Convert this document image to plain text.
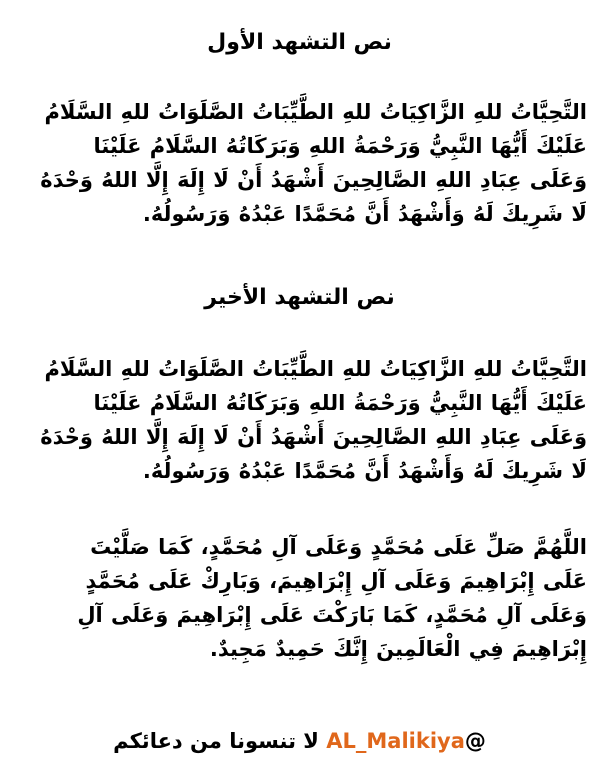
نص التشهد الأول
التَّحِيَّاتُ للهِ الزَّاكِيَاتُ للهِ الطَّيِّبَاتُ الصَّلَوَاتُ للهِ السَّلَامُ
عَلَيْكَ أَيُّهَا النَّبِيُّ وَرَحْمَةُ اللهِ وَبَرَكَاتُهُ السَّلَامُ عَلَيْنَا
وَعَلَى عِبَادِ اللهِ الصَّالِحِينَ أَشْهَدُ أَنْ لَا إِلَهَ إِلَّا اللهُ وَحْدَهُ
لَا شَرِيكَ لَهُ وَأَشْهَدُ أَنَّ مُحَمَّدًا عَبْدُهُ وَرَسُولُهُ.
نص التشهد الأخير
التَّحِيَّاتُ للهِ الزَّاكِيَاتُ للهِ الطَّيِّبَاتُ الصَّلَوَاتُ للهِ السَّلَامُ
عَلَيْكَ أَيُّهَا النَّبِيُّ وَرَحْمَةُ اللهِ وَبَرَكَاتُهُ السَّلَامُ عَلَيْنَا
وَعَلَى عِبَادِ اللهِ الصَّالِحِينَ أَشْهَدُ أَنْ لَا إِلَهَ إِلَّا اللهُ وَحْدَهُ
لَا شَرِيكَ لَهُ وَأَشْهَدُ أَنَّ مُحَمَّدًا عَبْدُهُ وَرَسُولُهُ.
اللَّهُمَّ صَلِّ عَلَى مُحَمَّدٍ وَعَلَى آلِ مُحَمَّدٍ، كَمَا صَلَّيْتَ
عَلَى إِبْرَاهِيمَ وَعَلَى آلِ إِبْرَاهِيمَ، وَبَارِكْ عَلَى مُحَمَّدٍ
وَعَلَى آلِ مُحَمَّدٍ، كَمَا بَارَكْتَ عَلَى إِبْرَاهِيمَ وَعَلَى آلِ
إِبْرَاهِيمَ فِي الْعَالَمِينَ إِنَّكَ حَمِيدٌ مَجِيدٌ.
لا تنسونا من دعائكم AL_Malikiya@
